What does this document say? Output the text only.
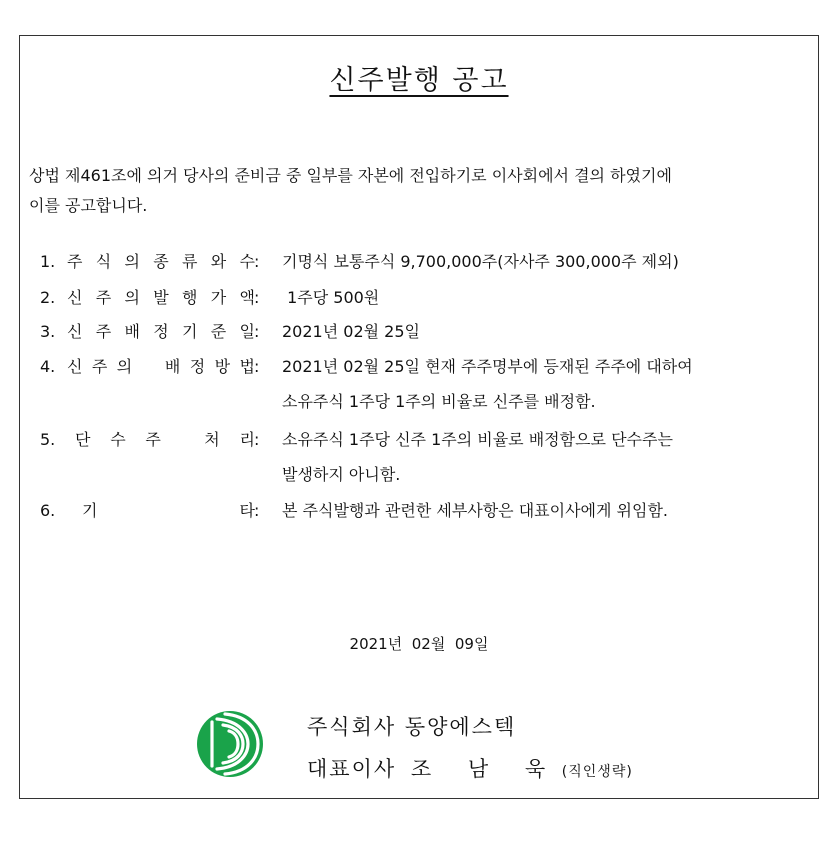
신주발행 공고
상법 제461조에 의거 당사의 준비금 중 일부를 자본에 전입하기로 이사회에서 결의 하였기에
이를 공고합니다.
1. 주 식 의 종 류 와 수 : 기명식 보통주식 9,700,000주(자사주 300,000주 제외)
2. 신 주 의 발 행 가 액 : 1주당 500원
3. 신 주 배 정 기 준 일 : 2021년 02월 25일
4. 신 주 의 배 정 방 법 : 2021년 02월 25일 현재 주주명부에 등재된 주주에 대하여
소유주식 1주당 1주의 비율로 신주를 배정함.
5. 단 수 주	처 리 : 소유주식 1주당 신주 1주의 비율로 배정함으로 단수주는
발생하지 아니함.
6. 기	타 : 본 주식발행과 관련한 세부사항은 대표이사에게 위임함.
2021년  02월  09일
주식회사 동양에스텍
대표이사 조 남 욱 (직인생략)
